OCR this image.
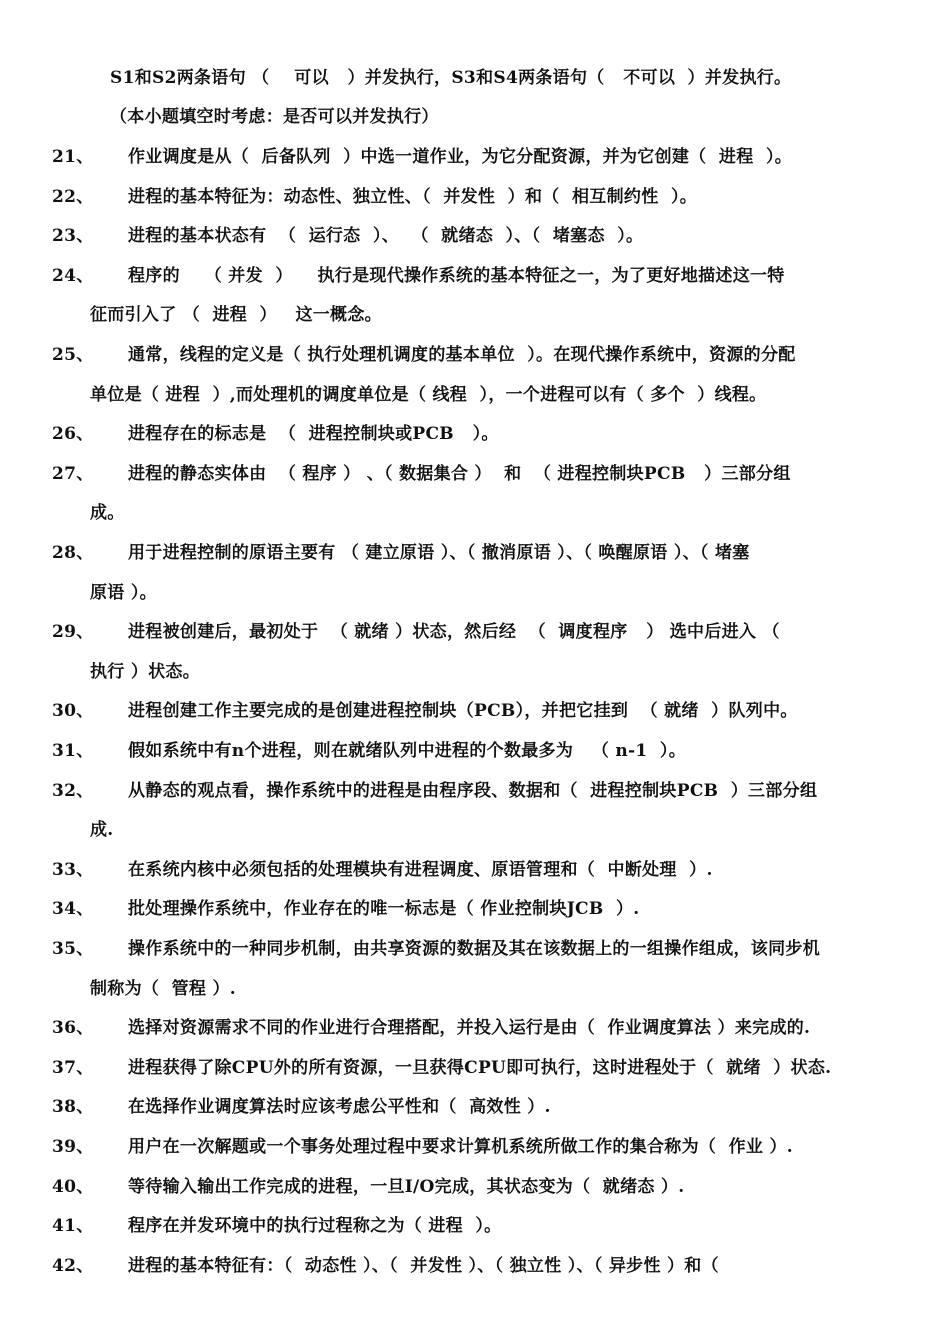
S1和S2两条语句 （    可以   ）并发执行，S3和S4两条语句（   不可以  ）并发执行。
（本小题填空时考虑：是否可以并发执行）
21、	作业调度是从（  后备队列  ）中选一道作业，为它分配资源，并为它创建（  进程  ）。
22、	进程的基本特征为：动态性、独立性、（  并发性  ）和（  相互制约性  ）。
23、	进程的基本状态有  （  运行态  ）、  （  就绪态  ）、（  堵塞态  ）。
24、	程序的    （ 并发  ）    执行是现代操作系统的基本特征之一，为了更好地描述这一特
征而引入了 （  进程  ）   这一概念。
25、	通常，线程的定义是（ 执行处理机调度的基本单位  ）。在现代操作系统中，资源的分配
单位是（ 进程  ）,而处理机的调度单位是（ 线程  ），一个进程可以有（ 多个  ）线程。
26、	进程存在的标志是  （  进程控制块或PCB   ）。
27、	进程的静态实体由  （ 程序 ） 、（ 数据集合 ）  和  （ 进程控制块PCB   ）三部分组
成。
28、	用于进程控制的原语主要有 （ 建立原语 ）、（ 撤消原语 ）、（ 唤醒原语 ）、（ 堵塞
原语 ）。
29、	进程被创建后，最初处于  （ 就绪 ）状态，然后经  （  调度程序   ） 选中后进入 （
执行 ）状态。
30、	进程创建工作主要完成的是创建进程控制块（PCB），并把它挂到  （ 就绪  ）队列中。
31、	假如系统中有n个进程，则在就绪队列中进程的个数最多为   （ n-1  ）。
32、	从静态的观点看，操作系统中的进程是由程序段、数据和（  进程控制块PCB  ）三部分组
成.
33、	在系统内核中必须包括的处理模块有进程调度、原语管理和（  中断处理  ）.
34、	批处理操作系统中，作业存在的唯一标志是（ 作业控制块JCB  ）.
35、	操作系统中的一种同步机制，由共享资源的数据及其在该数据上的一组操作组成，该同步机
制称为（  管程 ）.
36、	选择对资源需求不同的作业进行合理搭配，并投入运行是由（  作业调度算法 ）来完成的.
37、	进程获得了除CPU外的所有资源，一旦获得CPU即可执行，这时进程处于（  就绪  ）状态.
38、	在选择作业调度算法时应该考虑公平性和（  高效性 ）.
39、	用户在一次解题或一个事务处理过程中要求计算机系统所做工作的集合称为（  作业 ）.
40、	等待输入输出工作完成的进程，一旦I/O完成，其状态变为（  就绪态 ）.
41、	程序在并发环境中的执行过程称之为（ 进程  ）。
42、	进程的基本特征有：（  动态性 ）、（  并发性 ）、（ 独立性 ）、（ 异步性 ）和（
